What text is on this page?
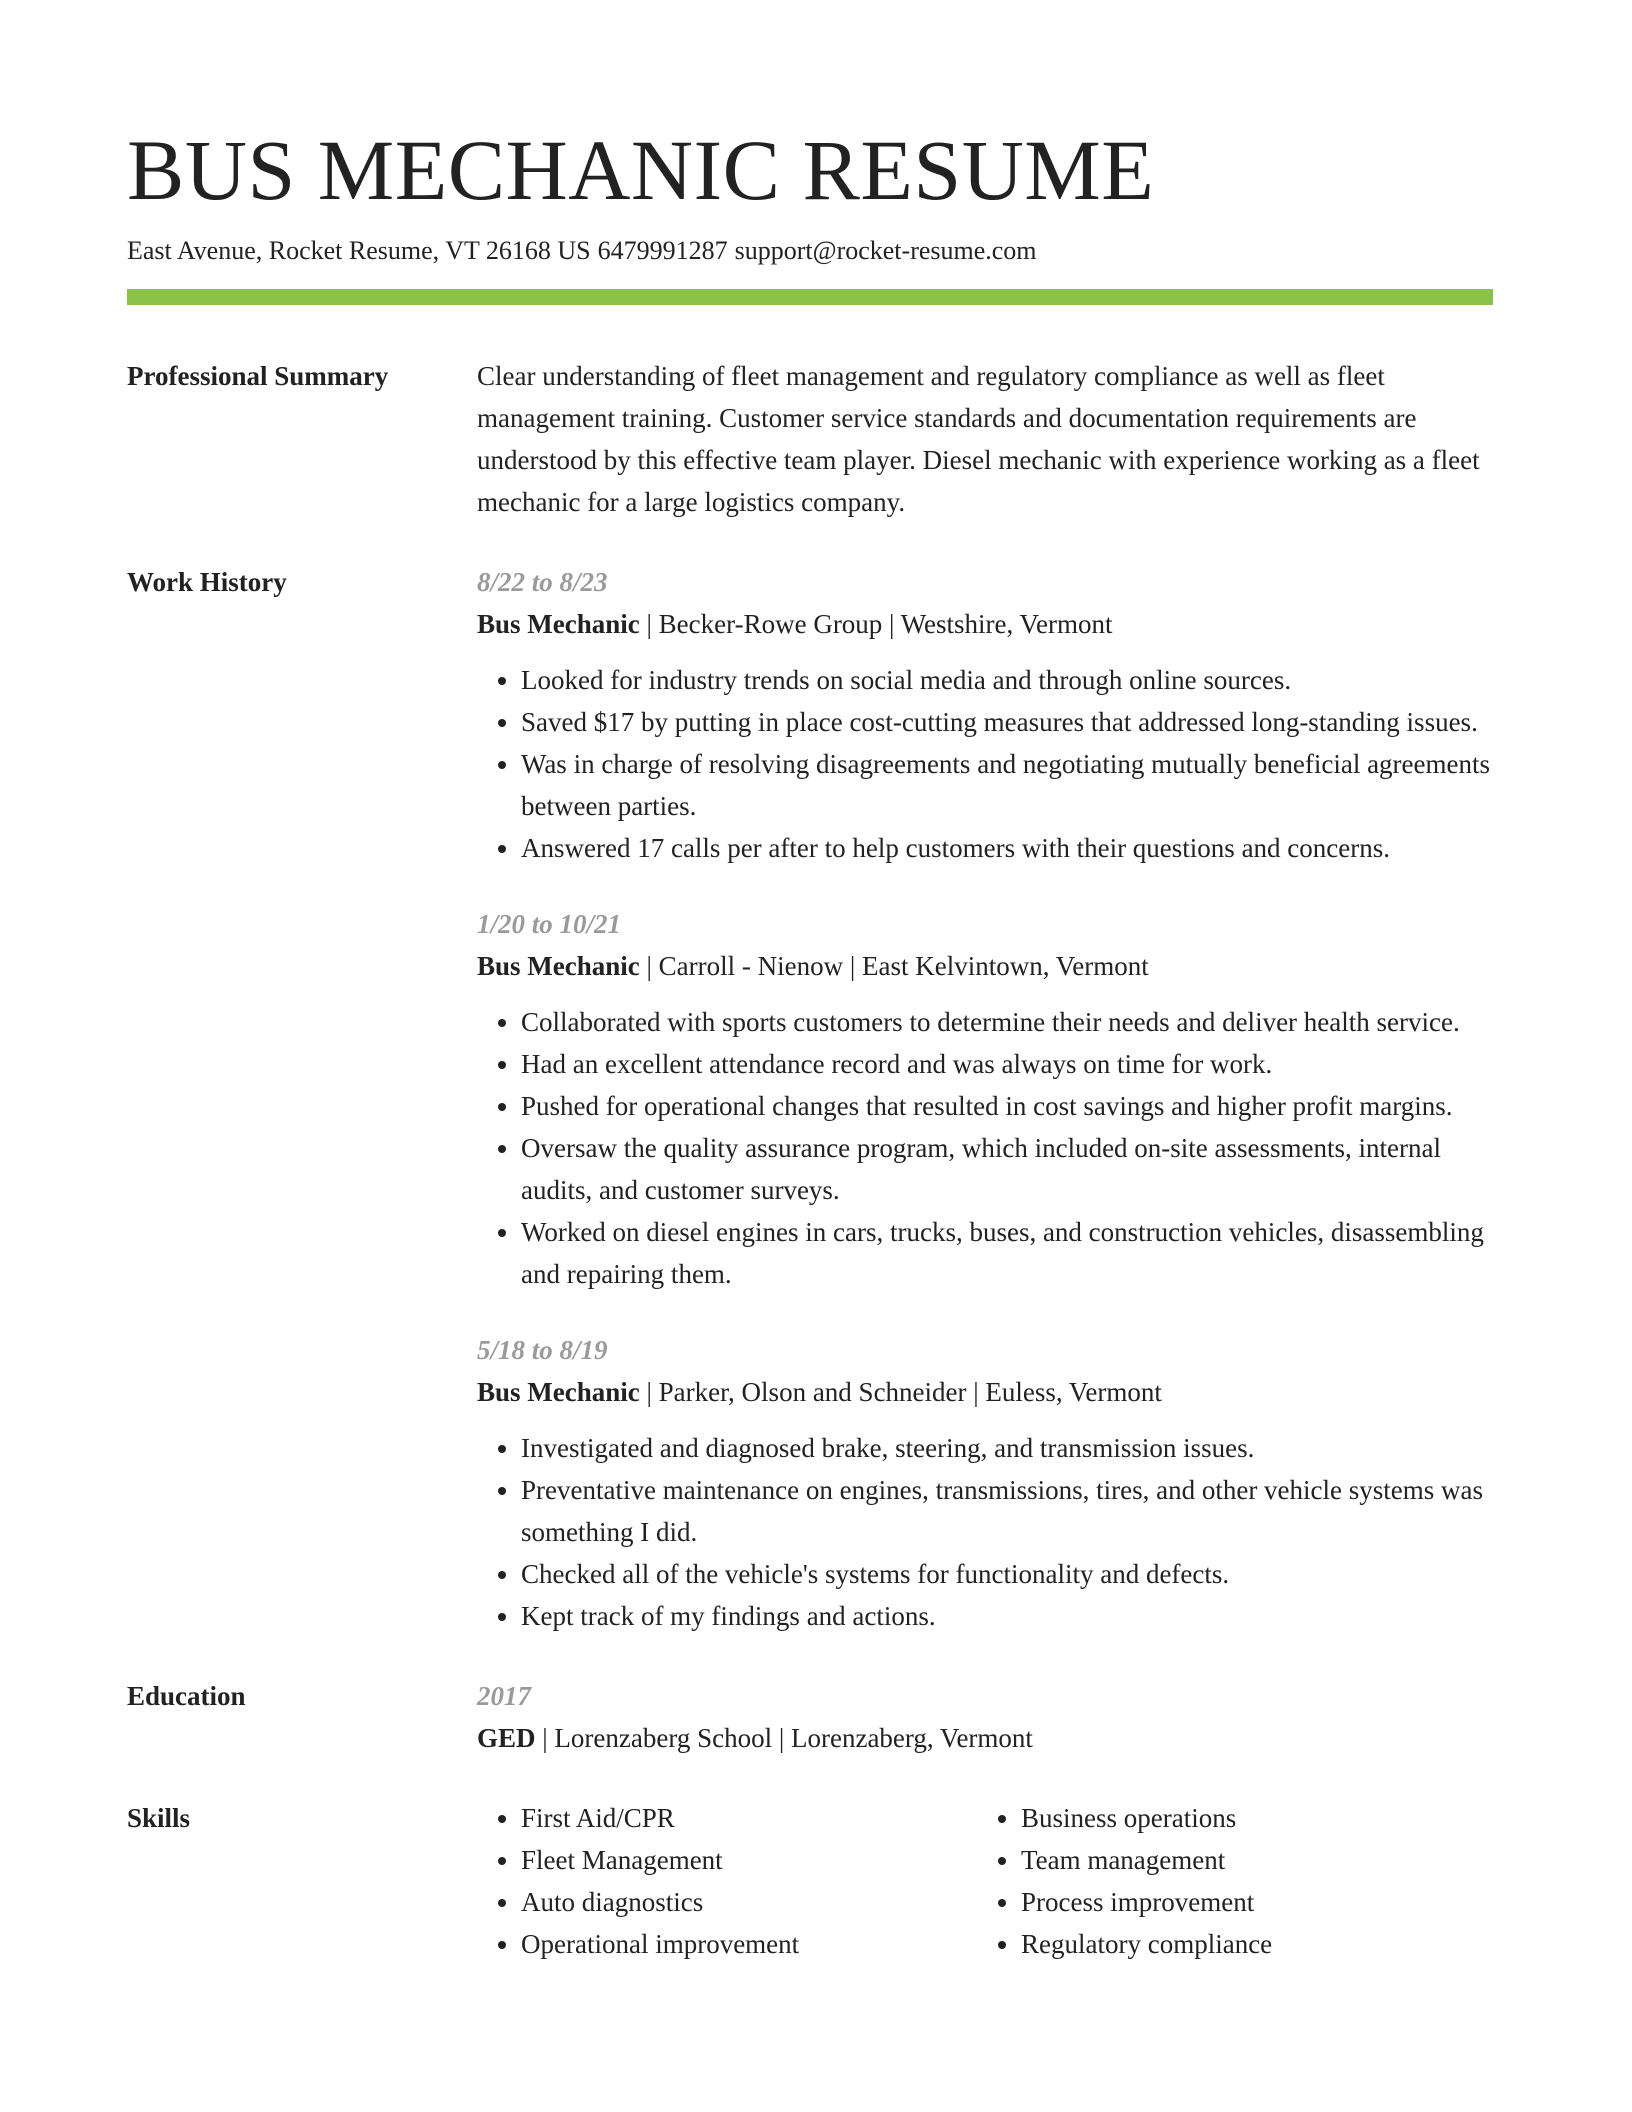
BUS MECHANIC RESUME
East Avenue, Rocket Resume, VT 26168 US 6479991287 support@rocket-resume.com
Professional Summary	Clear understanding of fleet management and regulatory compliance as well as fleet management training. Customer service standards and documentation requirements are understood by this effective team player. Diesel mechanic with experience working as a fleet mechanic for a large logistics company.

Work History	8/22 to 8/23
Bus Mechanic | Becker-Rowe Group | Westshire, Vermont
• Looked for industry trends on social media and through online sources.
• Saved $17 by putting in place cost-cutting measures that addressed long-standing issues.
• Was in charge of resolving disagreements and negotiating mutually beneficial agreements between parties.
• Answered 17 calls per after to help customers with their questions and concerns.
1/20 to 10/21
Bus Mechanic | Carroll - Nienow | East Kelvintown, Vermont
• Collaborated with sports customers to determine their needs and deliver health service.
• Had an excellent attendance record and was always on time for work.
• Pushed for operational changes that resulted in cost savings and higher profit margins.
• Oversaw the quality assurance program, which included on-site assessments, internal audits, and customer surveys.
• Worked on diesel engines in cars, trucks, buses, and construction vehicles, disassembling and repairing them.
5/18 to 8/19
Bus Mechanic | Parker, Olson and Schneider | Euless, Vermont
• Investigated and diagnosed brake, steering, and transmission issues.
• Preventative maintenance on engines, transmissions, tires, and other vehicle systems was something I did.
• Checked all of the vehicle's systems for functionality and defects.
• Kept track of my findings and actions.
Education	2017
GED | Lorenzaberg School | Lorenzaberg, Vermont
Skills
•	First Aid/CPR
• Fleet Management
• Auto diagnostics
• Operational improvement
• Business operations
• Team management
• Process improvement
• Regulatory compliance
